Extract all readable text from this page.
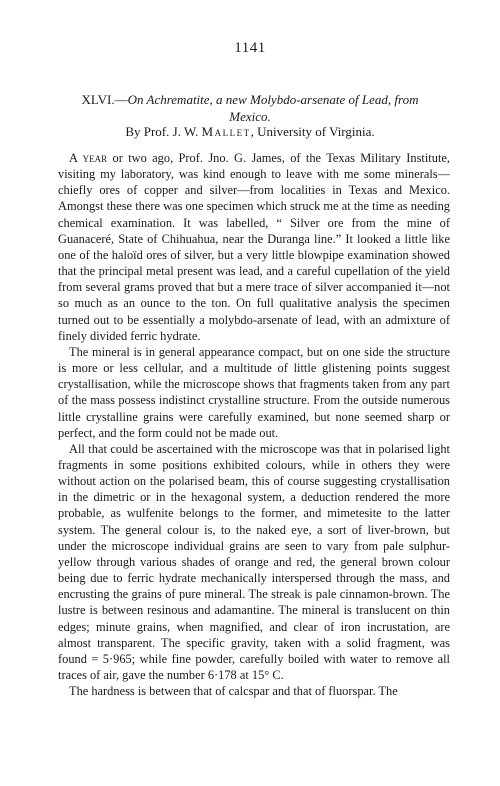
1141
XLVI.—On Achrematite, a new Molybdo-arsenate of Lead, from Mexico.
By Prof. J. W. Mallet, University of Virginia.

A year or two ago, Prof. Jno. G. James, of the Texas Military Institute, visiting my laboratory, was kind enough to leave with me some minerals—chiefly ores of copper and silver—from localities in Texas and Mexico. Amongst these there was one specimen which struck me at the time as needing chemical examination. It was labelled, “ Silver ore from the mine of Guanaceré, State of Chihuahua, near the Duranga line.” It looked a little like one of the haloïd ores of silver, but a very little blowpipe examination showed that the principal metal present was lead, and a careful cupellation of the yield from several grams proved that but a mere trace of silver accompanied it—not so much as an ounce to the ton. On full qualitative analysis the specimen turned out to be essentially a molybdo-arsenate of lead, with an admixture of finely divided ferric hydrate.

The mineral is in general appearance compact, but on one side the structure is more or less cellular, and a multitude of little glistening points suggest crystallisation, while the microscope shows that fragments taken from any part of the mass possess indistinct crystalline structure. From the outside numerous little crystalline grains were carefully examined, but none seemed sharp or perfect, and the form could not be made out.

All that could be ascertained with the microscope was that in polarised light fragments in some positions exhibited colours, while in others they were without action on the polarised beam, this of course suggesting crystallisation in the dimetric or in the hexagonal system, a deduction rendered the more probable, as wulfenite belongs to the former, and mimetesite to the latter system. The general colour is, to the naked eye, a sort of liver-brown, but under the microscope individual grains are seen to vary from pale sulphur-yellow through various shades of orange and red, the general brown colour being due to ferric hydrate mechanically interspersed through the mass, and encrusting the grains of pure mineral. The streak is pale cinnamon-brown. The lustre is between resinous and adamantine. The mineral is translucent on thin edges; minute grains, when magnified, and clear of iron incrustation, are almost transparent. The specific gravity, taken with a solid fragment, was found = 5·965; while fine powder, carefully boiled with water to remove all traces of air, gave the number 6·178 at 15° C.

The hardness is between that of calcspar and that of fluorspar. The
